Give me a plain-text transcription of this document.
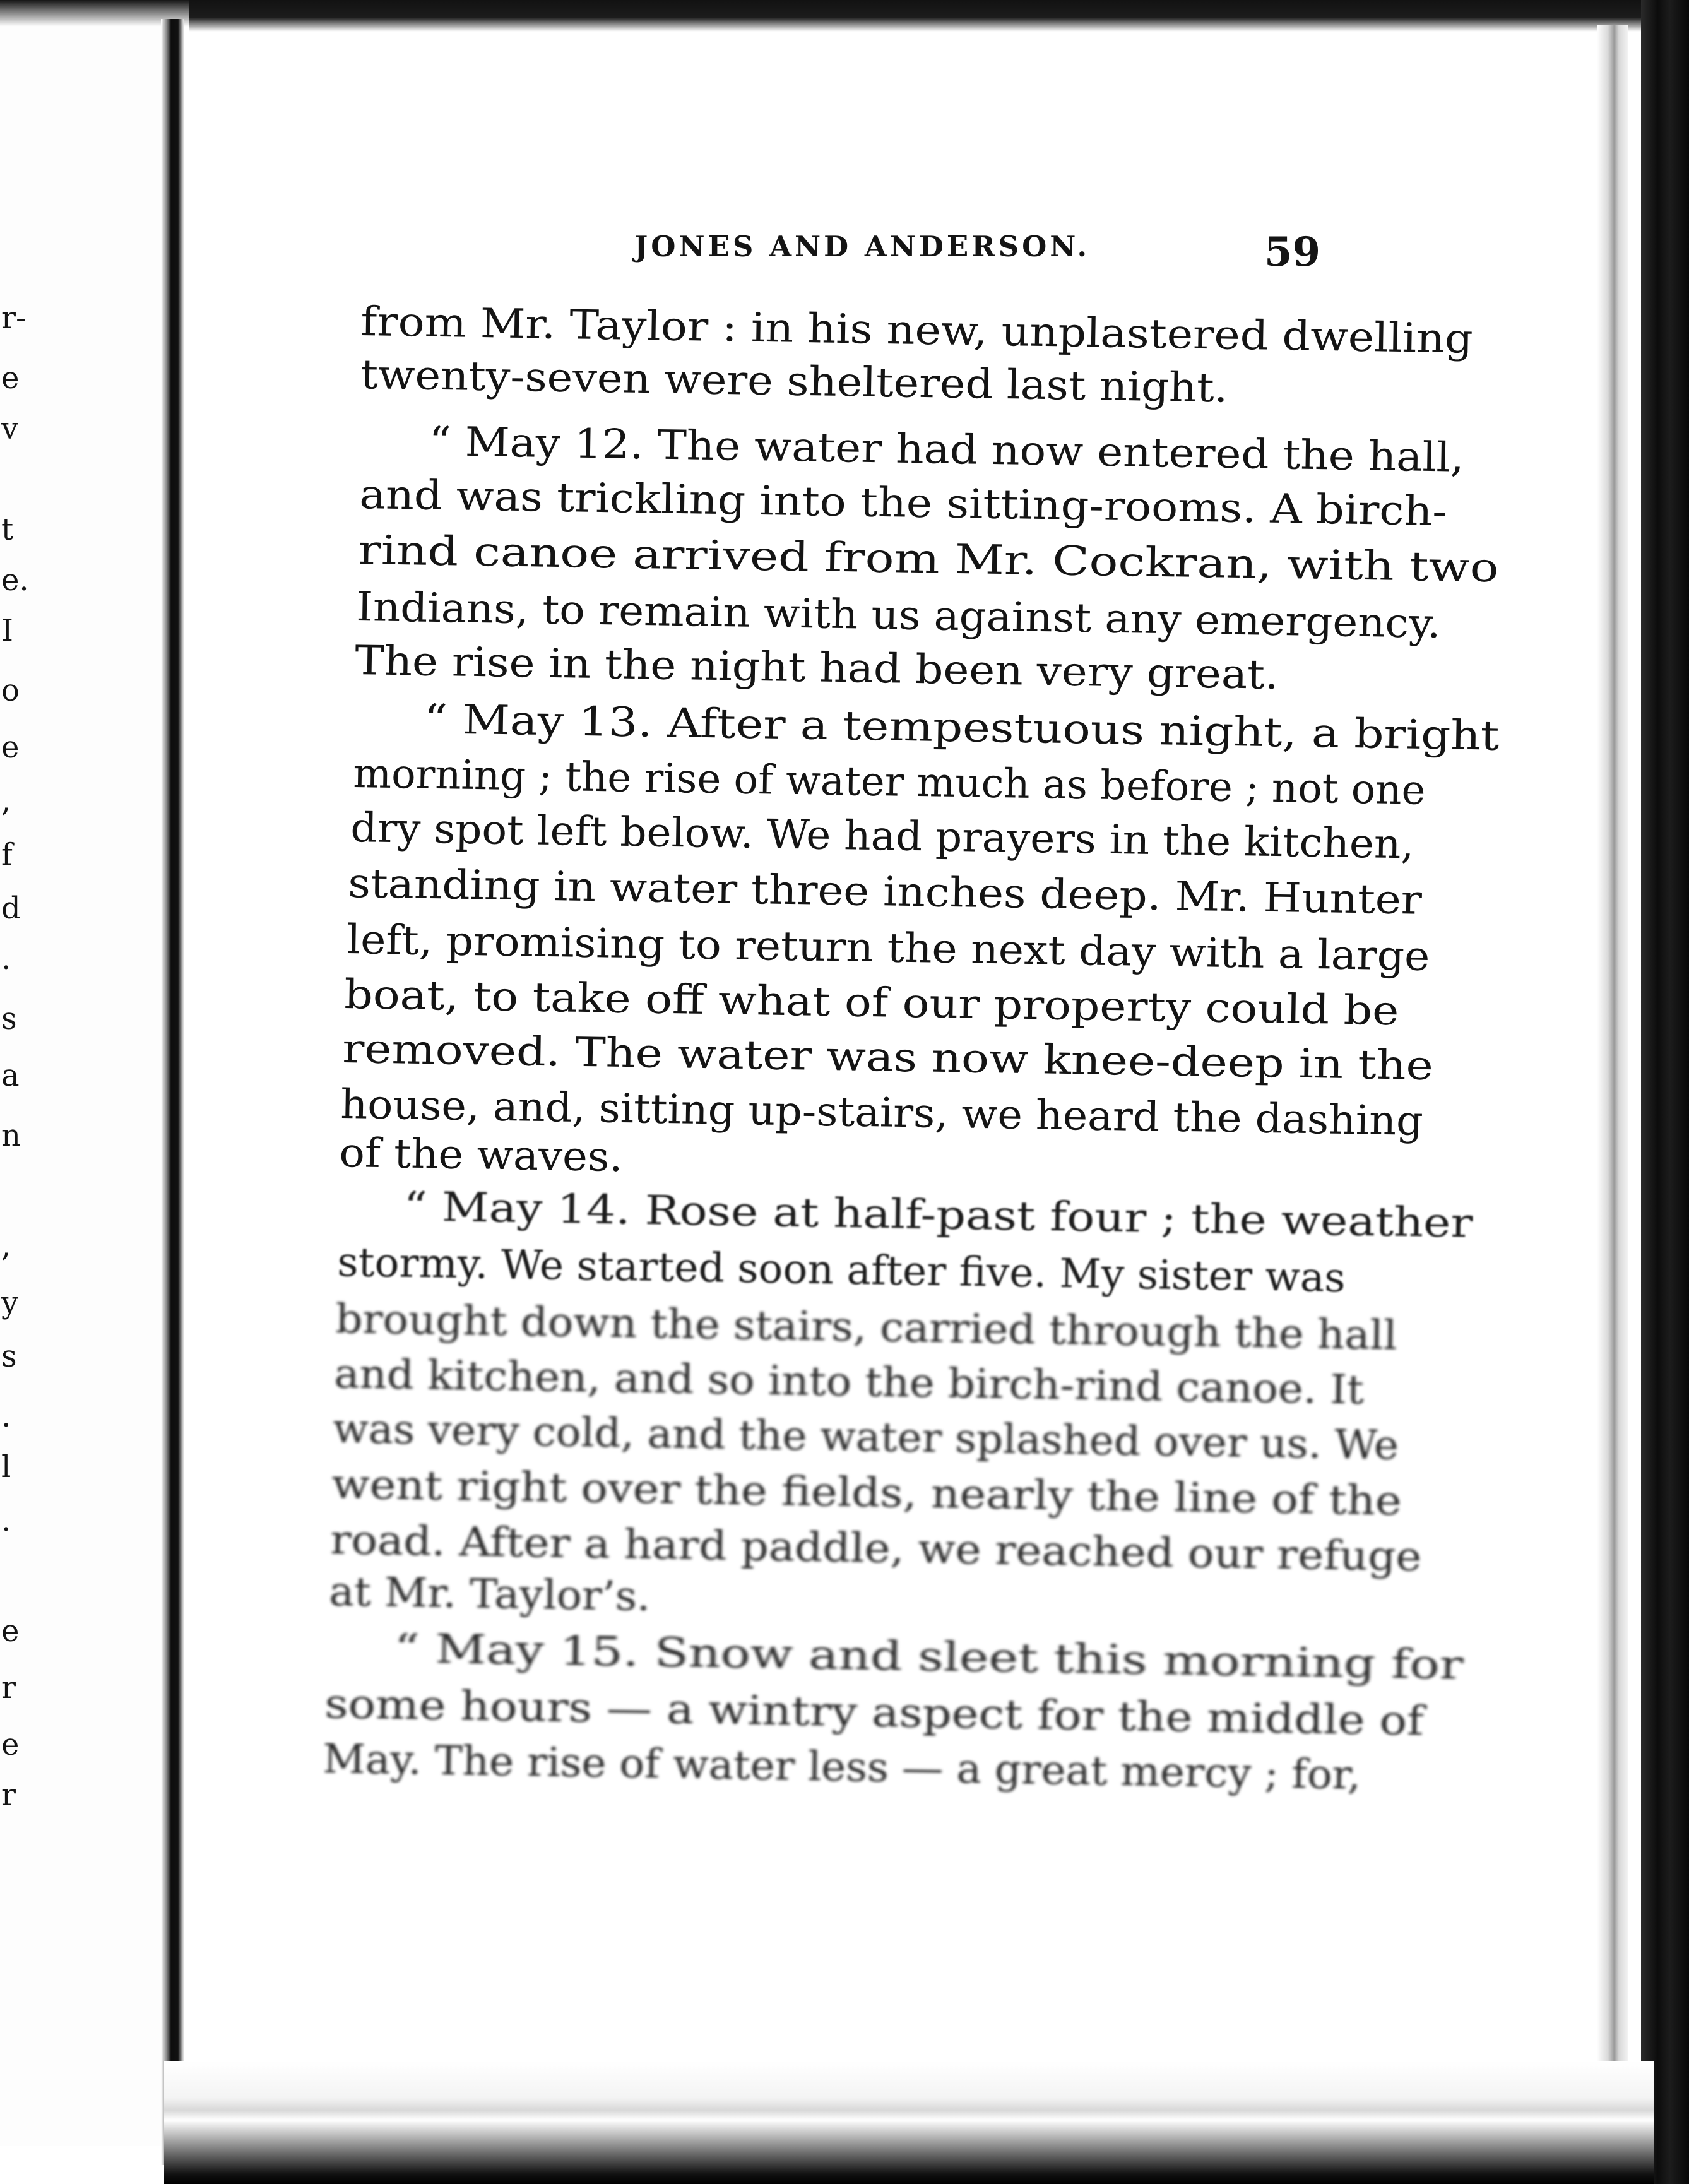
r-
e
v
t
e.
I
o
e
,
f
d
.
s
a
n
,
y
s
.
l
.
e
r
e
r
JONES AND ANDERSON.	59
from Mr. Taylor : in his new, unplastered dwelling
twenty-seven were sheltered last night.
“ May 12. The water had now entered the hall,
and was trickling into the sitting-rooms. A birch-
rind canoe arrived from Mr. Cockran, with two
Indians, to remain with us against any emergency.
The rise in the night had been very great.
“ May 13. After a tempestuous night, a bright
morning ; the rise of water much as before ; not one
dry spot left below. We had prayers in the kitchen,
standing in water three inches deep. Mr. Hunter
left, promising to return the next day with a large
boat, to take off what of our property could be
removed. The water was now knee-deep in the
house, and, sitting up-stairs, we heard the dashing
of the waves.
“ May 14. Rose at half-past four ; the weather
stormy. We started soon after five. My sister was
brought down the stairs, carried through the hall
and kitchen, and so into the birch-rind canoe. It
was very cold, and the water splashed over us. We
went right over the fields, nearly the line of the
road. After a hard paddle, we reached our refuge
at Mr. Taylor’s.
“ May 15. Snow and sleet this morning for
some hours — a wintry aspect for the middle of
May. The rise of water less — a great mercy ; for,
